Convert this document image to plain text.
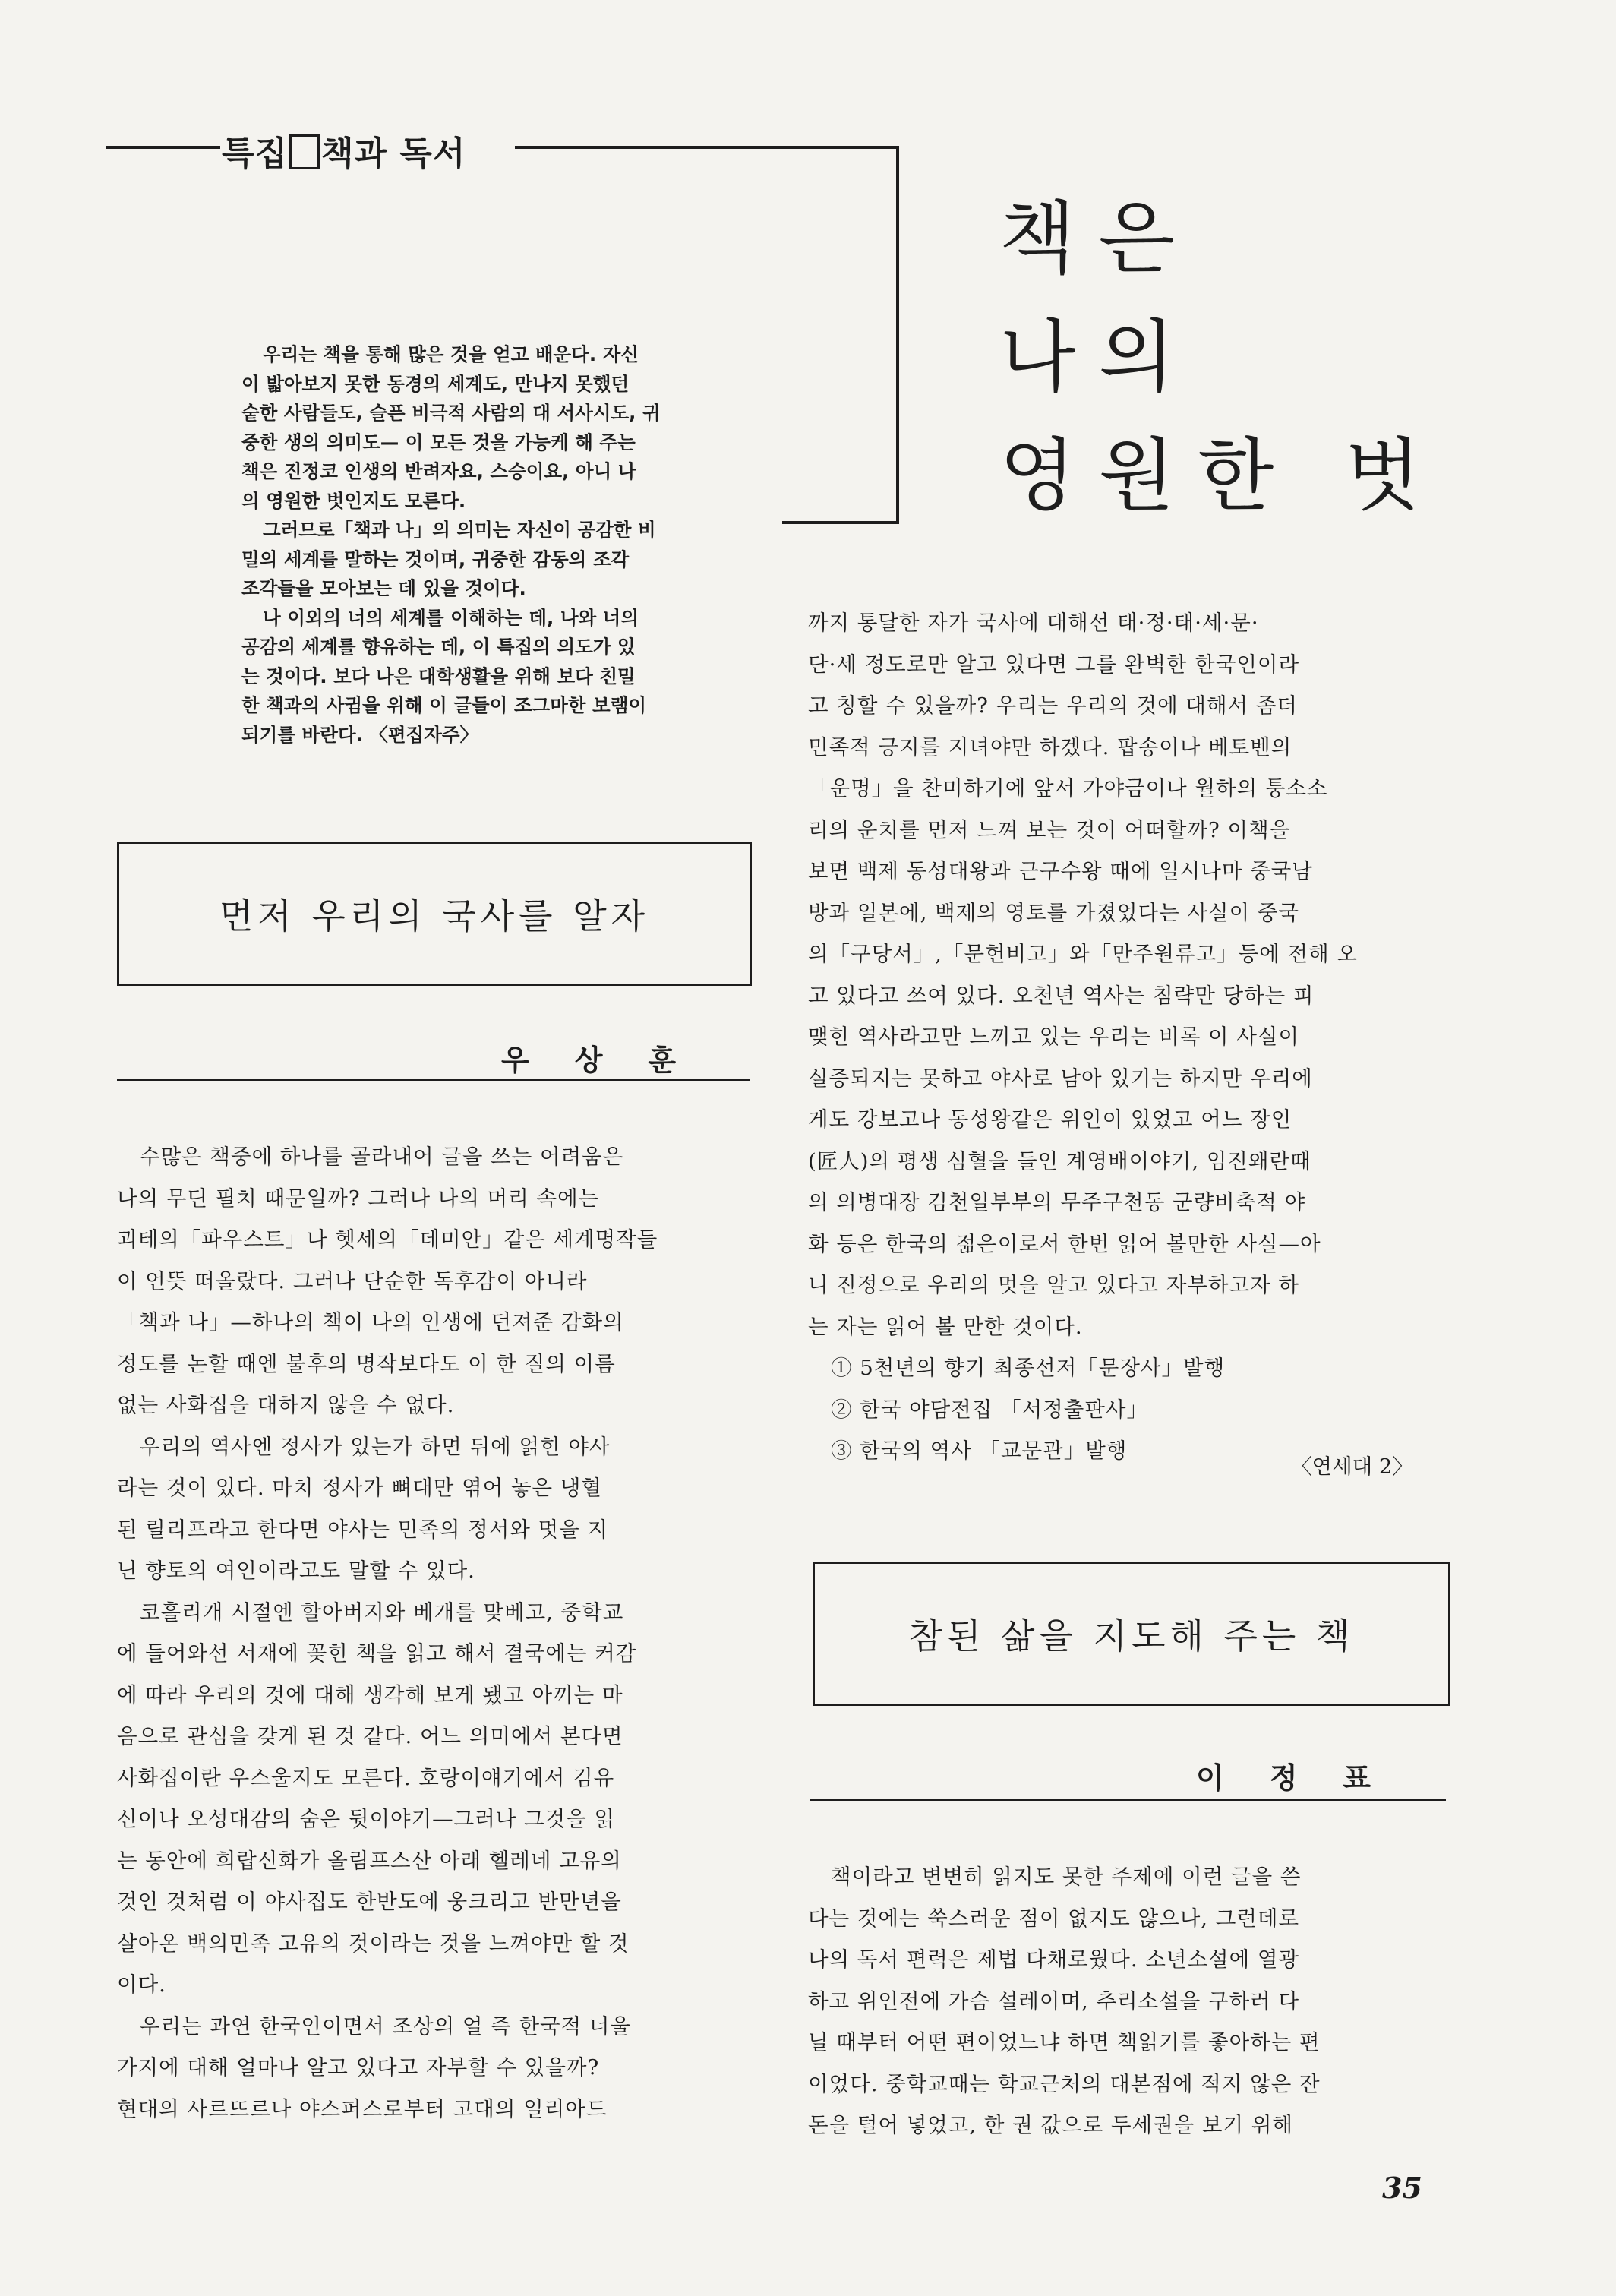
특집 책과 독서
책은
나의
영원한 벗

우리는 책을 통해 많은 것을 얻고 배운다. 자신
이 밟아보지 못한 동경의 세계도, 만나지 못했던
숱한 사람들도, 슬픈 비극적 사람의 대 서사시도, 귀
중한 생의 의미도— 이 모든 것을 가능케 해 주는
책은 진정코 인생의 반려자요, 스승이요, 아니 나
의 영원한 벗인지도 모른다.

그러므로「책과 나」의 의미는 자신이 공감한 비
밀의 세계를 말하는 것이며, 귀중한 감동의 조각
조각들을 모아보는 데 있을 것이다.

나 이외의 너의 세계를 이해하는 데, 나와 너의
공감의 세계를 향유하는 데, 이 특집의 의도가 있
는 것이다. 보다 나은 대학생활을 위해 보다 친밀
한 책과의 사귐을 위해 이 글들이 조그마한 보램이
되기를 바란다. 〈편집자주〉

먼저 우리의 국사를 알자
우상훈
수많은 책중에 하나를 골라내어 글을 쓰는 어려움은
나의 무딘 필치 때문일까? 그러나 나의 머리 속에는
괴테의「파우스트」나 헷세의「데미안」같은 세계명작들
이 언뜻 떠올랐다. 그러나 단순한 독후감이 아니라
「책과 나」—하나의 책이 나의 인생에 던져준 감화의
정도를 논할 때엔 불후의 명작보다도 이 한 질의 이름
없는 사화집을 대하지 않을 수 없다.
우리의 역사엔 정사가 있는가 하면 뒤에 얽힌 야사
라는 것이 있다. 마치 정사가 뼈대만 엮어 놓은 냉혈
된 릴리프라고 한다면 야사는 민족의 정서와 멋을 지
닌 향토의 여인이라고도 말할 수 있다.
코흘리개 시절엔 할아버지와 베개를 맞베고, 중학교
에 들어와선 서재에 꽂힌 책을 읽고 해서 결국에는 커감
에 따라 우리의 것에 대해 생각해 보게 됐고 아끼는 마
음으로 관심을 갖게 된 것 같다. 어느 의미에서 본다면
사화집이란 우스울지도 모른다. 호랑이얘기에서 김유
신이나 오성대감의 숨은 뒷이야기—그러나 그것을 읽
는 동안에 희랍신화가 올림프스산 아래 헬레네 고유의
것인 것처럼 이 야사집도 한반도에 웅크리고 반만년을
살아온 백의민족 고유의 것이라는 것을 느껴야만 할 것
이다.
우리는 과연 한국인이면서 조상의 얼 즉 한국적 너울
가지에 대해 얼마나 알고 있다고 자부할 수 있을까?
현대의 사르뜨르나 야스퍼스로부터 고대의 일리아드
까지 통달한 자가 국사에 대해선 태·정·태·세·문·
단·세 정도로만 알고 있다면 그를 완벽한 한국인이라
고 칭할 수 있을까? 우리는 우리의 것에 대해서 좀더
민족적 긍지를 지녀야만 하겠다. 팝송이나 베토벤의
「운명」을 찬미하기에 앞서 가야금이나 월하의 퉁소소
리의 운치를 먼저 느껴 보는 것이 어떠할까? 이책을
보면 백제 동성대왕과 근구수왕 때에 일시나마 중국남
방과 일본에, 백제의 영토를 가졌었다는 사실이 중국
의「구당서」,「문헌비고」와「만주원류고」등에 전해 오
고 있다고 쓰여 있다. 오천년 역사는 침략만 당하는 피
맺힌 역사라고만 느끼고 있는 우리는 비록 이 사실이
실증되지는 못하고 야사로 남아 있기는 하지만 우리에
게도 강보고나 동성왕같은 위인이 있었고 어느 장인
(匠人)의 평생 심혈을 들인 계영배이야기, 임진왜란때
의 의병대장 김천일부부의 무주구천동 군량비축적 야
화 등은 한국의 젊은이로서 한번 읽어 볼만한 사실—아
니 진정으로 우리의 멋을 알고 있다고 자부하고자 하
는 자는 읽어 볼 만한 것이다.
① 5천년의 향기 최종선저「문장사」발행
② 한국 야담전집 「서정출판사」
③ 한국의 역사 「교문관」발행
〈연세대 2〉
참된 삶을 지도해 주는 책
이정표
책이라고 변변히 읽지도 못한 주제에 이런 글을 쓴
다는 것에는 쑥스러운 점이 없지도 않으나, 그런데로
나의 독서 편력은 제법 다채로웠다. 소년소설에 열광
하고 위인전에 가슴 설레이며, 추리소설을 구하러 다
닐 때부터 어떤 편이었느냐 하면 책읽기를 좋아하는 편
이었다. 중학교때는 학교근처의 대본점에 적지 않은 잔
돈을 털어 넣었고, 한 권 값으로 두세권을 보기 위해
35
